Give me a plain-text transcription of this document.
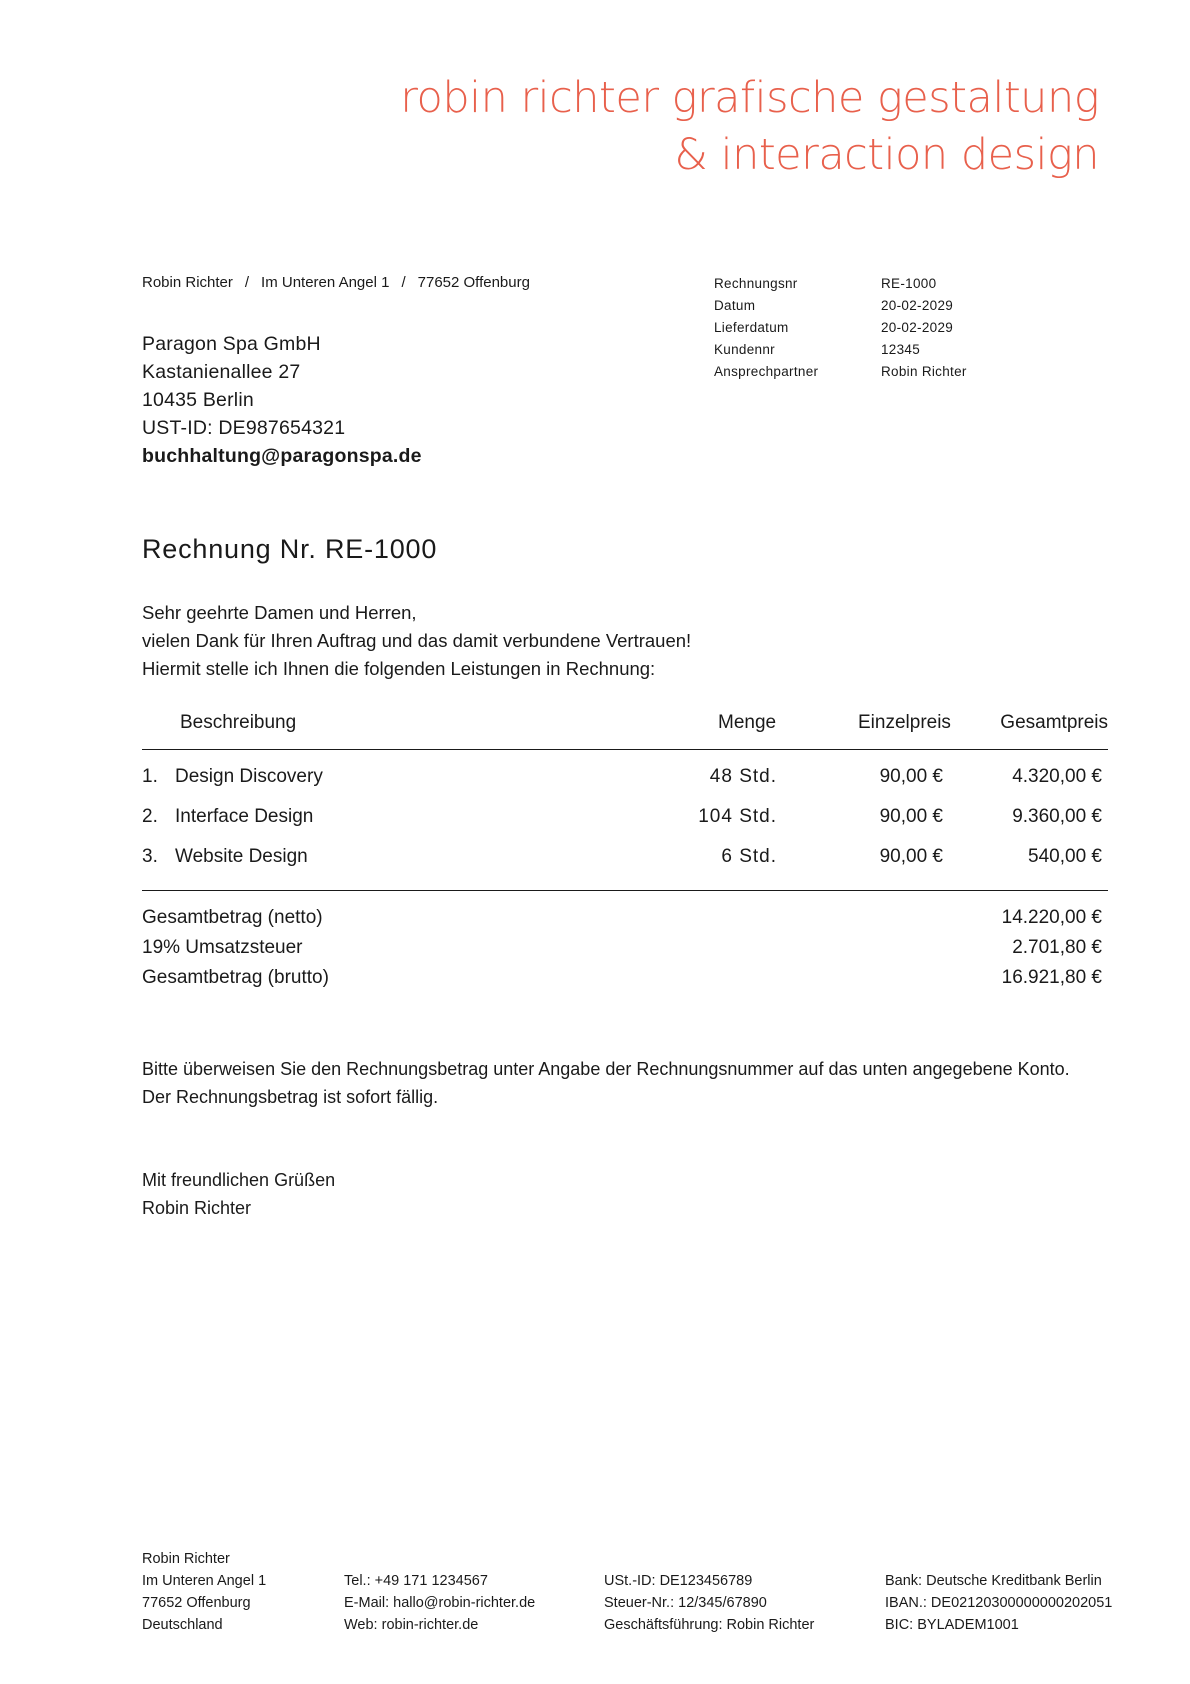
robin richter grafische gestaltung
& interaction design
Robin Richter / Im Unteren Angel 1 / 77652 Offenburg	Rechnungsnr	RE-1000
Datum	20-02-2029
Lieferdatum	20-02-2029
Kundennr	12345
Ansprechpartner	Robin Richter
Paragon Spa GmbH
Kastanienallee 27
10435 Berlin
UST-ID: DE987654321
buchhaltung@paragonspa.de
Rechnung Nr. RE-1000
Sehr geehrte Damen und Herren,
vielen Dank für Ihren Auftrag und das damit verbundene Vertrauen!
Hiermit stelle ich Ihnen die folgenden Leistungen in Rechnung:
Beschreibung	Menge	Einzelpreis	Gesamtpreis
1. Design Discovery	48 Std.	90,00 €	4.320,00 €
2. Interface Design	104 Std.	90,00 €	9.360,00 €
3. Website Design	6 Std.	90,00 €	540,00 €
Gesamtbetrag (netto)	14.220,00 €
19% Umsatzsteuer	2.701,80 €
Gesamtbetrag (brutto)	16.921,80 €
Bitte überweisen Sie den Rechnungsbetrag unter Angabe der Rechnungsnummer auf das unten angegebene Konto.
Der Rechnungsbetrag ist sofort fällig.
Mit freundlichen Grüßen
Robin Richter
Robin Richter
Im Unteren Angel 1
77652 Offenburg
Deutschland
Tel.: +49 171 1234567
E-Mail: hallo@robin-richter.de
Web: robin-richter.de
USt.-ID: DE123456789
Steuer-Nr.: 12/345/67890
Geschäftsführung: Robin Richter
Bank: Deutsche Kreditbank Berlin
IBAN.: DE02120300000000202051
BIC: BYLADEM1001
